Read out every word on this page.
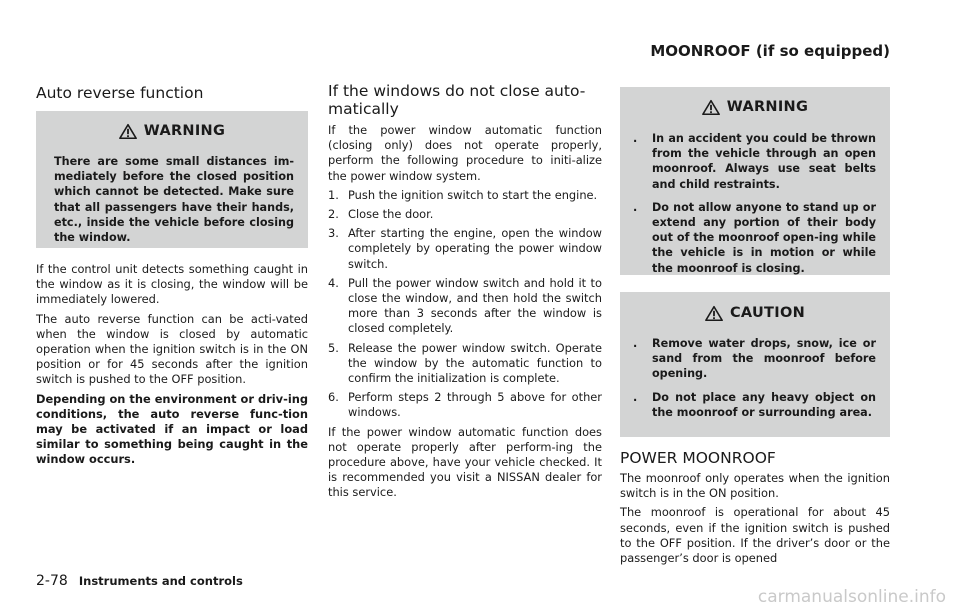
MOONROOF (if so equipped)
Auto reverse function
WARNING

There are some small distances im-mediately before the closed position which cannot be detected. Make sure that all passengers have their hands, etc., inside the vehicle before closing the window.

If the control unit detects something caught in the window as it is closing, the window will be immediately lowered.

The auto reverse function can be acti-vated when the window is closed by automatic operation when the ignition switch is in the ON position or for 45 seconds after the ignition switch is pushed to the OFF position.

Depending on the environment or driv-ing conditions, the auto reverse func-tion may be activated if an impact or load similar to something being caught in the window occurs.

If the windows do not close auto-matically

If the power window automatic function (closing only) does not operate properly, perform the following procedure to initi-alize the power window system.

1. Push the ignition switch to start the engine.
2. Close the door.
3. After starting the engine, open the window completely by operating the power window switch.
4. Pull the power window switch and hold it to close the window, and then hold the switch more than 3 seconds after the window is closed completely.
5. Release the power window switch. Operate the window by the automatic function to confirm the initialization is complete.
6. Perform steps 2 through 5 above for other windows.

If the power window automatic function does not operate properly after perform-ing the procedure above, have your vehicle checked. It is recommended you visit a NISSAN dealer for this service.

WARNING
. In an accident you could be thrown from the vehicle through an open moonroof. Always use seat belts and child restraints.
. Do not allow anyone to stand up or extend any portion of their body out of the moonroof open-ing while the vehicle is in motion or while the moonroof is closing.
CAUTION
. Remove water drops, snow, ice or sand from the moonroof before opening.
. Do not place any heavy object on the moonroof or surrounding area.
POWER MOONROOF

The moonroof only operates when the ignition switch is in the ON position.

The moonroof is operational for about 45 seconds, even if the ignition switch is pushed to the OFF position. If the driver’s door or the passenger’s door is opened

2-78 Instruments and controls
carmanualsonline.info
